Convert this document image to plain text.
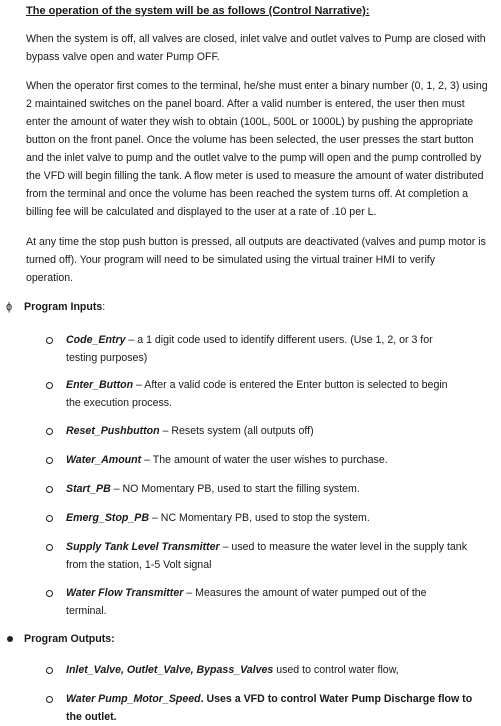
The operation of the system will be as follows (Control Narrative):
When the system is off, all valves are closed, inlet valve and outlet valves to Pump are closed with
bypass valve open and water Pump OFF.
When the operator first comes to the terminal, he/she must enter a binary number (0, 1, 2, 3) using
2 maintained switches on the panel board. After a valid number is entered, the user then must
enter the amount of water they wish to obtain (100L, 500L or 1000L) by pushing the appropriate
button on the front panel. Once the volume has been selected, the user presses the start button
and the inlet valve to pump and the outlet valve to the pump will open and the pump controlled by
the VFD will begin filling the tank. A flow meter is used to measure the amount of water distributed
from the terminal and once the volume has been reached the system turns off. At completion a
billing fee will be calculated and displayed to the user at a rate of .10 per L.
At any time the stop push button is pressed, all outputs are deactivated (valves and pump motor is
turned off). Your program will need to be simulated using the virtual trainer HMI to verify
operation.
ɸ Program Inputs:
Code_Entry – a 1 digit code used to identify different users. (Use 1, 2, or 3 for
testing purposes)
Enter_Button – After a valid code is entered the Enter button is selected to begin
the execution process.
Reset_Pushbutton – Resets system (all outputs off)
Water_Amount – The amount of water the user wishes to purchase.
Start_PB – NO Momentary PB, used to start the filling system.
Emerg_Stop_PB – NC Momentary PB, used to stop the system.
Supply Tank Level Transmitter – used to measure the water level in the supply tank
from the station, 1-5 Volt signal
Water Flow Transmitter – Measures the amount of water pumped out of the
terminal.
Program Outputs:
Inlet_Valve, Outlet_Valve, Bypass_Valves used to control water flow,
Water Pump_Motor_Speed. Uses a VFD to control Water Pump Discharge flow to
the outlet.
